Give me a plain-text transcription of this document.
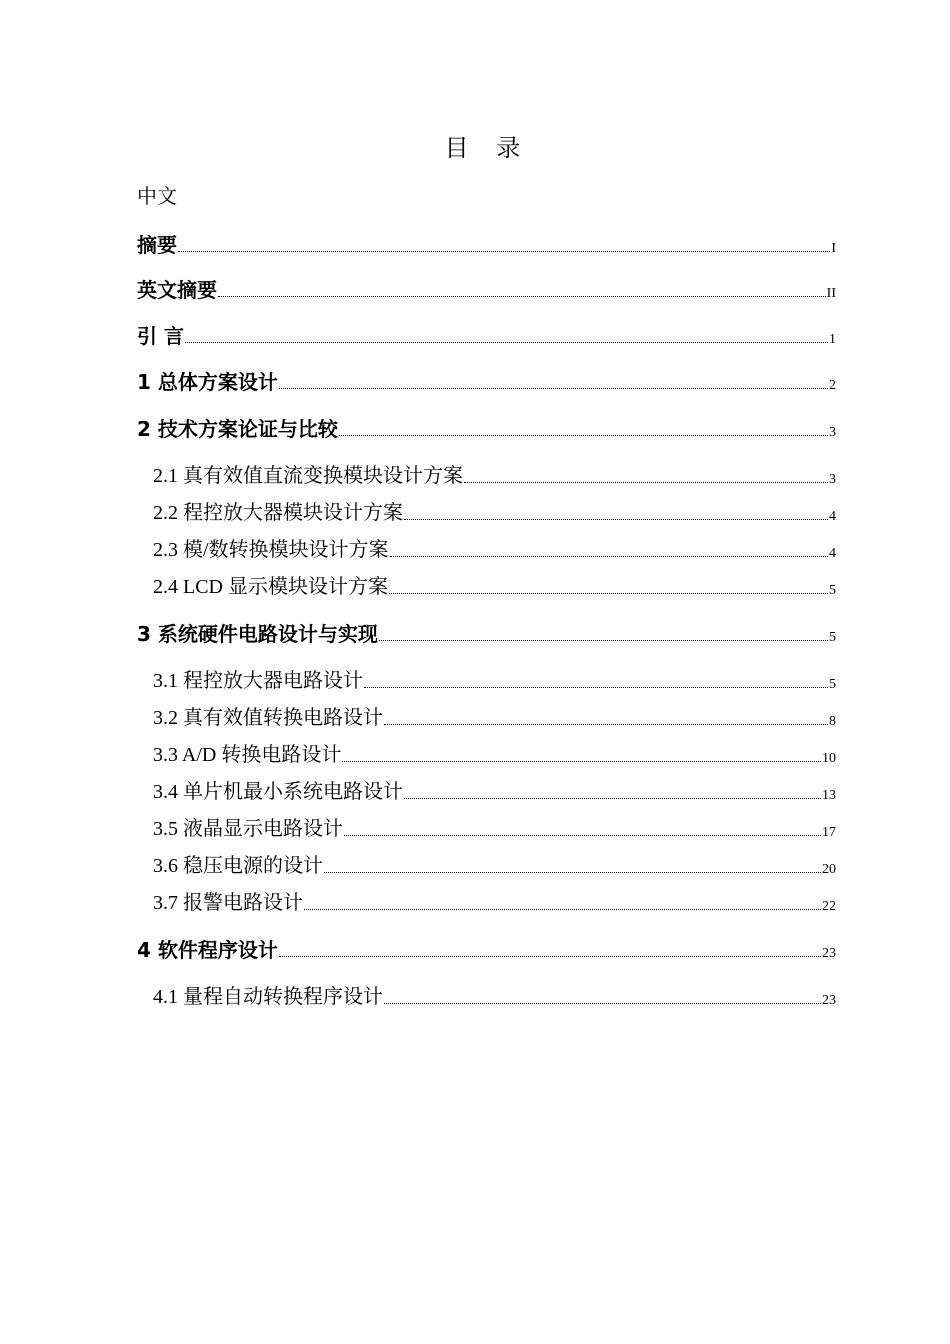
目 录
中文
摘要	I
英文摘要	II
引 言	1
1 总体方案设计	2
2 技术方案论证与比较	3
2.1 真有效值直流变换模块设计方案	3
2.2 程控放大器模块设计方案	4
2.3 模/数转换模块设计方案	4
2.4 LCD 显示模块设计方案	5
3 系统硬件电路设计与实现	5
3.1 程控放大器电路设计	5
3.2 真有效值转换电路设计	8
3.3 A/D 转换电路设计	10
3.4 单片机最小系统电路设计	13
3.5 液晶显示电路设计	17
3.6 稳压电源的设计	20
3.7 报警电路设计	22
4 软件程序设计	23
4.1 量程自动转换程序设计	23
